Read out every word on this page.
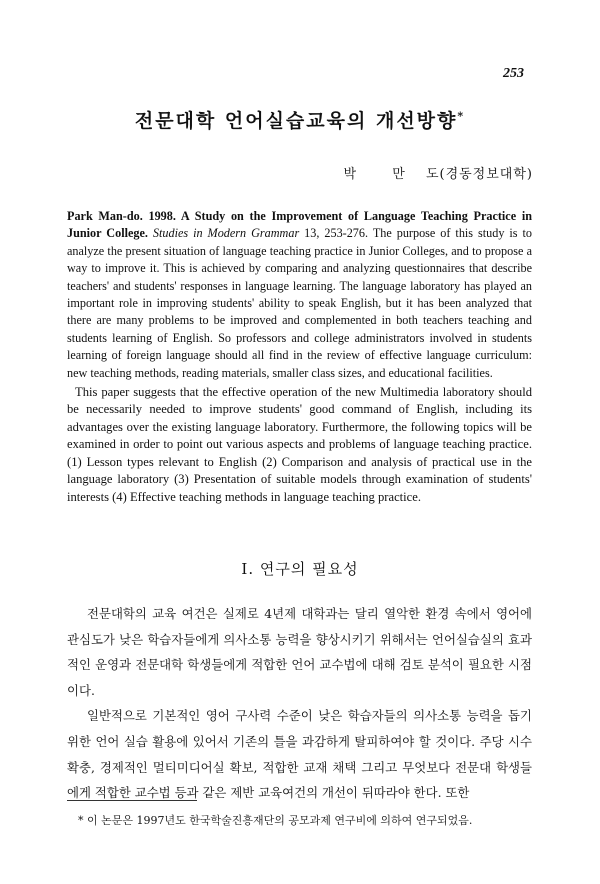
253
전문대학 언어실습교육의 개선방향*
박 만 도(경동정보대학)

Park Man-do. 1998. A Study on the Improvement of Language Teaching Practice in Junior College. Studies in Modern Grammar 13, 253-276. The purpose of this study is to analyze the present situation of language teaching practice in Junior Colleges, and to propose a way to improve it. This is achieved by comparing and analyzing questionnaires that describe teachers' and students' responses in language learning. The language laboratory has played an important role in improving students' ability to speak English, but it has been analyzed that there are many problems to be improved and complemented in both teachers teaching and students learning of English. So professors and college administrators involved in students learning of foreign language should all find in the review of effective language curriculum: new teaching methods, reading materials, smaller class sizes, and educational facilities.

This paper suggests that the effective operation of the new Multimedia laboratory should be necessarily needed to improve students' good command of English, including its advantages over the existing language laboratory. Furthermore, the following topics will be examined in order to point out various aspects and problems of language teaching practice. (1) Lesson types relevant to English (2) Comparison and analysis of practical use in the language laboratory (3) Presentation of suitable models through examination of students' interests (4) Effective teaching methods in language teaching practice.

I. 연구의 필요성

전문대학의 교육 여건은 실제로 4년제 대학과는 달리 열악한 환경 속에서 영어에 관심도가 낮은 학습자들에게 의사소통 능력을 향상시키기 위해서는 언어실습실의 효과적인 운영과 전문대학 학생들에게 적합한 언어 교수법에 대해 검토 분석이 필요한 시점이다.

일반적으로 기본적인 영어 구사력 수준이 낮은 학습자들의 의사소통 능력을 돕기 위한 언어 실습 활용에 있어서 기존의 틀을 과감하게 탈피하여야 할 것이다. 주당 시수 확충, 경제적인 멀티미디어실 확보, 적합한 교재 채택 그리고 무엇보다 전문대 학생들에게 적합한 교수법 등과 같은 제반 교육여건의 개선이 뒤따라야 한다. 또한

* 이 논문은 1997년도 한국학술진흥재단의 공모과제 연구비에 의하여 연구되었음.
